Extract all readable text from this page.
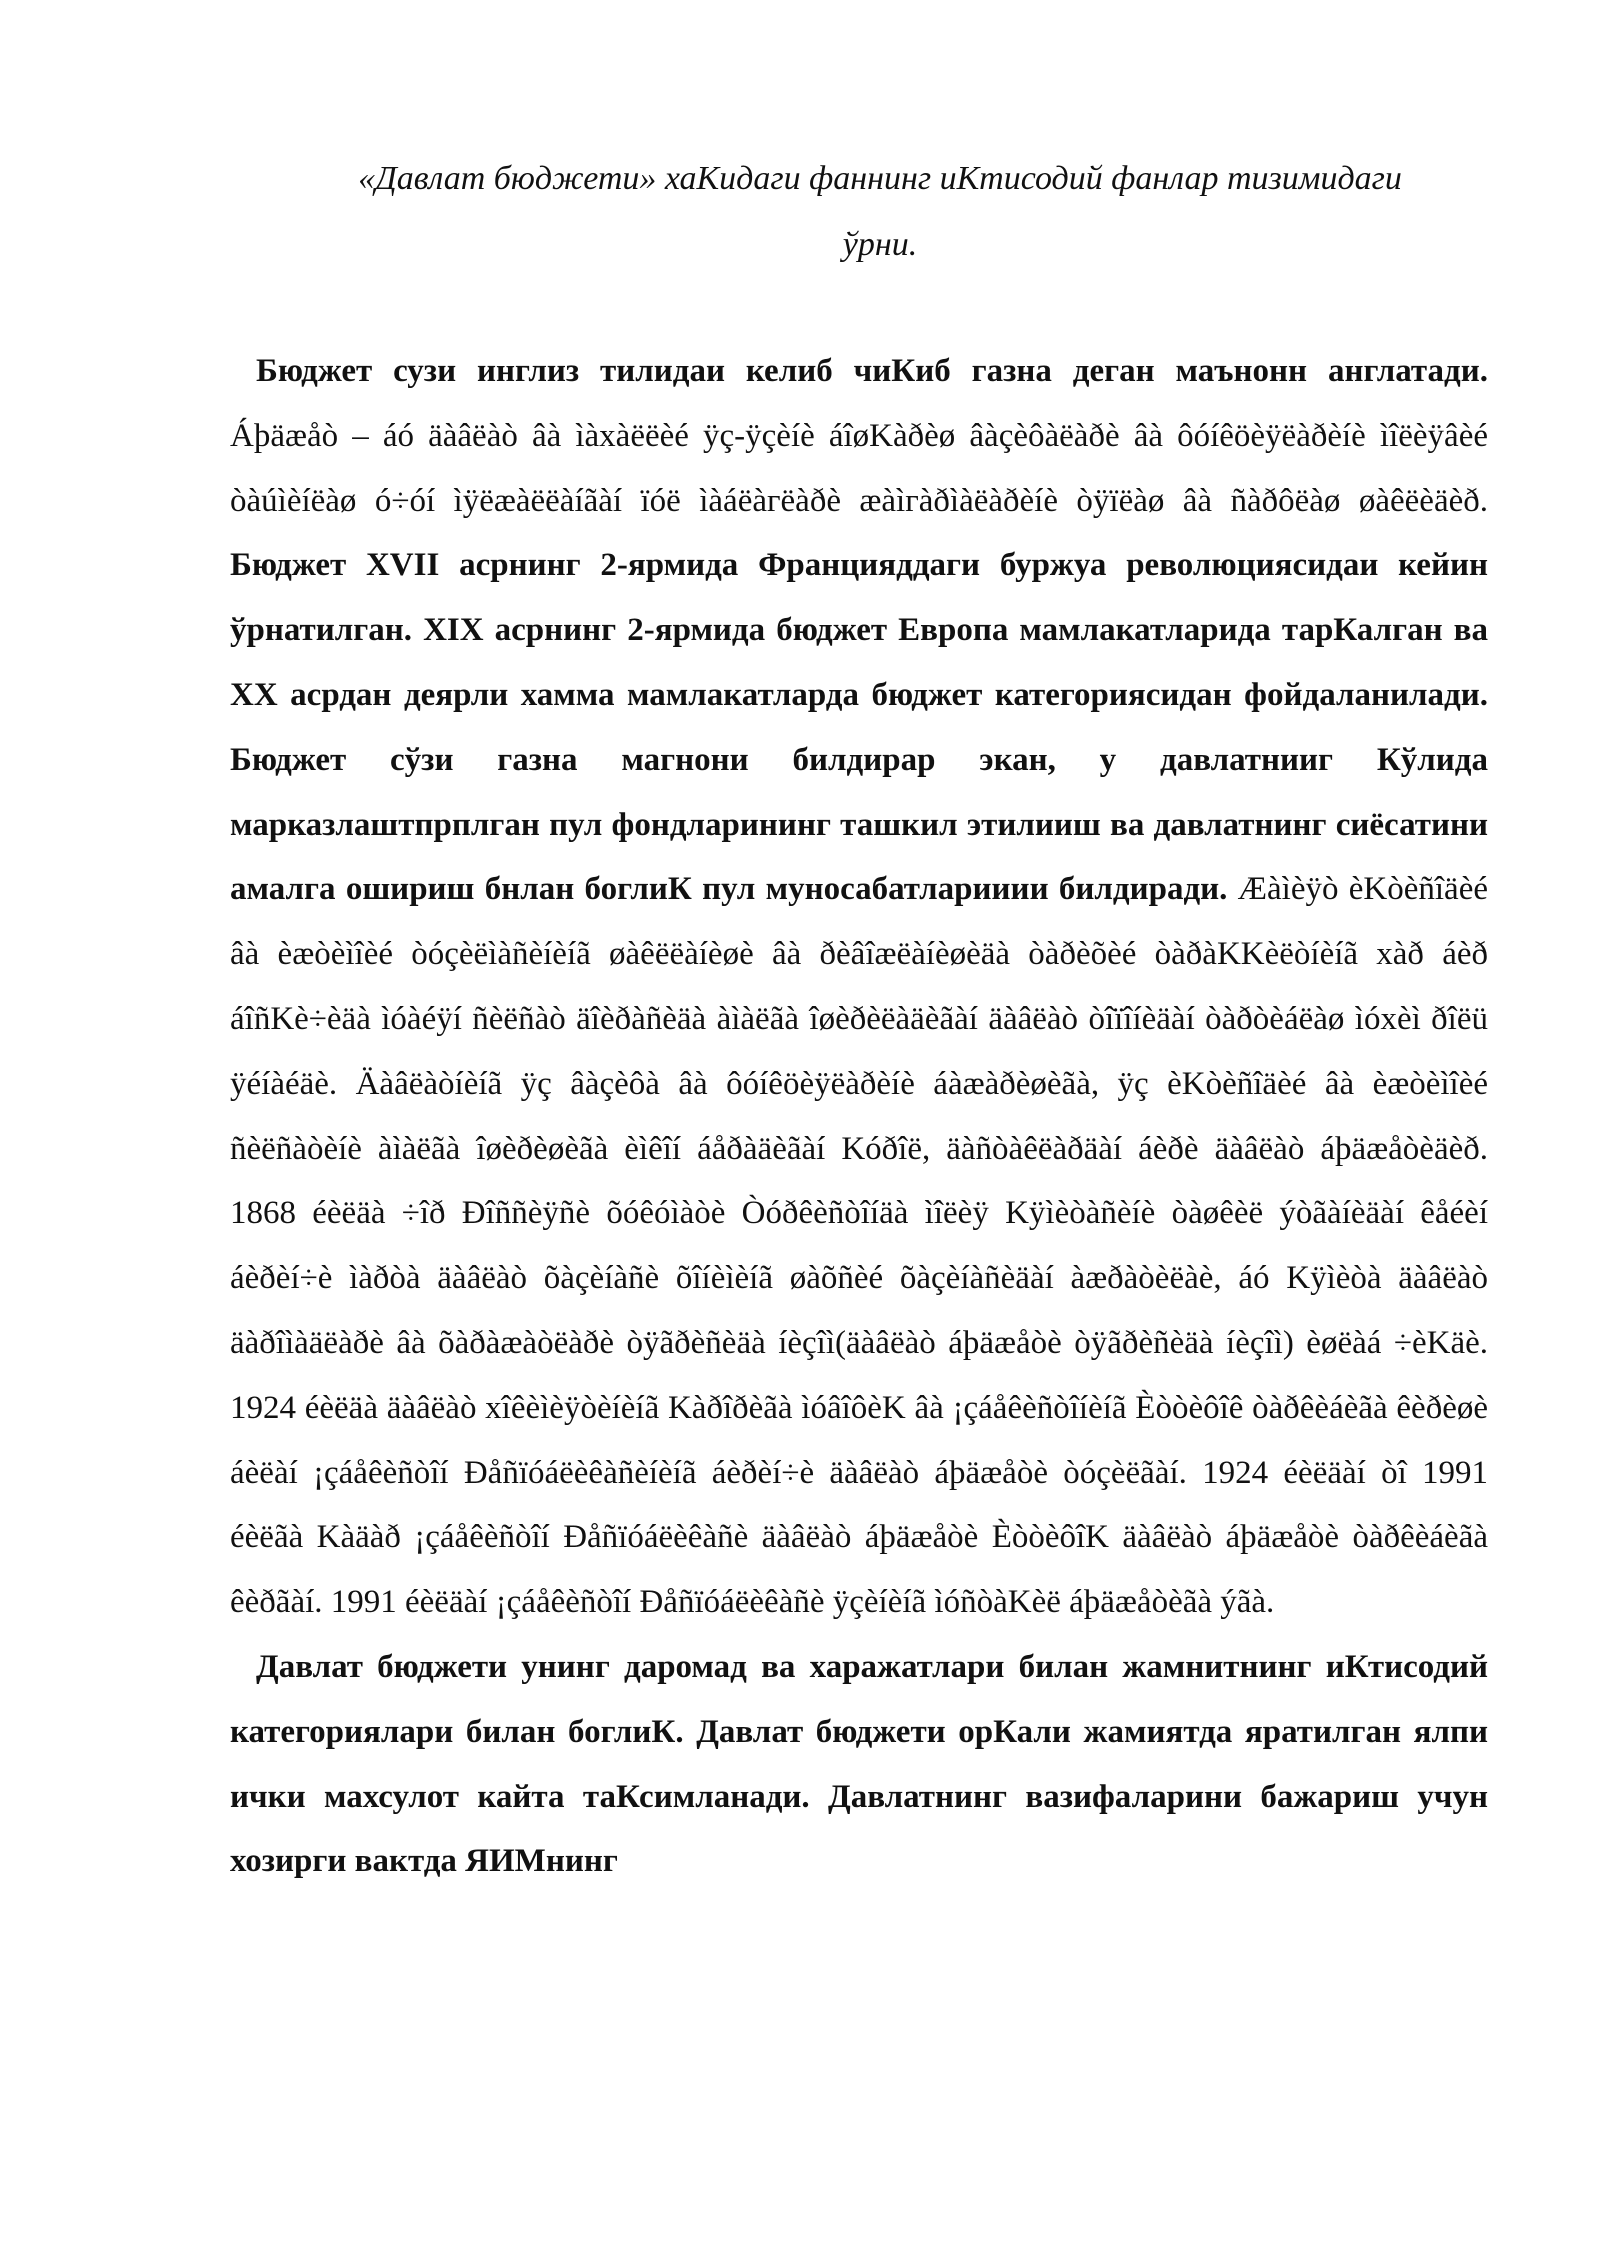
«Давлат бюджети» хаКидаги фаннинг иКтисодий фанлар тизимидаги
ўрни.

Бюджет сузи инглиз тилидаи келиб чиКиб газна деган маънонн англатади. Áþäæåò – áó äàâëàò âà ìàxàëëèé ÿç-ÿçèíè áîøKàðèø âàçèôàëàðè âà ôóíêöèÿëàðèíè ìîëèÿâèé òàúìèíëàø ó÷óí ìÿëæàëëàíãàí ïóë ìàáëàгëàðè æàìгàðìàëàðèíè òÿïëàø âà ñàðôëàø øàêëèäèð. Бюджет XVII асрнинг 2-ярмида Францияддаги буржуа революциясидаи кейин ўрнатилган. XIX асрнинг 2-ярмида бюджет Европа мамлакатларида тарКалган ва XX асрдан деярли хамма мамлакатларда бюджет категориясидан фойдаланилади. Бюджет сўзи газна магнони билдирар экан, у давлатнииг Кўлида марказлаштпрплган пул фондларининг ташкил этилииш ва давлатнинг сиёсатини амалга ошириш бнлан боглиК пул муносабатларииии билдиради. Æàìèÿò èKòèñîäèé âà èæòèìîèé òóçèëìàñèíèíã øàêëëàíèøè âà ðèâîæëàíèøèäà òàðèõèé òàðàKKèëòíèíã xàð áèð áîñKè÷èäà ìóàéÿí ñèëñàò äîèðàñèäà àìàëãà îøèðèëàäèãàí äàâëàò òîïîíèäàí òàðòèáëàø ìóxèì ðîëü ÿéíàéäè. Äàâëàòíèíã ÿç âàçèôà âà ôóíêöèÿëàðèíè áàæàðèøèãà, ÿç èKòèñîäèé âà èæòèìîèé ñèëñàòèíè àìàëãà îøèðèøèãà èìêîí áåðàäèãàí Kóðîë, äàñòàêëàðäàí áèðè äàâëàò áþäæåòèäèð. 1868 éèëäà ÷îð Ðîññèÿñè õóêóìàòè Òóðêèñòîíäà ìîëèÿ Kÿìèòàñèíè òàøêèë ýòãàíèäàí êåéèí áèðèí÷è ìàðòà äàâëàò õàçèíàñè õîíèìèíã øàõñèé õàçèíàñèäàí àæðàòèëàè, áó Kÿìèòà äàâëàò äàðîìàäëàðè âà õàðàæàòëàðè òÿãðèñèäà íèçîì(äàâëàò áþäæåòè òÿãðèñèäà íèçîì) èøëàá ÷èKäè. 1924 éèëäà äàâëàò xîêèìèÿòèíèíã Kàðîðèãà ìóâîôèK âà ¡çáåêèñòîíèíã Èòòèôîê òàðêèáèãà êèðèøè áèëàí ¡çáåêèñòîí Ðåñïóáëèêàñèíèíã áèðèí÷è äàâëàò áþäæåòè òóçèëãàí. 1924 éèëäàí òî 1991 éèëãà Kàäàð ¡çáåêèñòîí Ðåñïóáëèêàñè äàâëàò áþäæåòè ÈòòèôîK äàâëàò áþäæåòè òàðêèáèãà êèðãàí. 1991 éèëäàí ¡çáåêèñòîí Ðåñïóáëèêàñè ÿçèíèíã ìóñòàKèë áþäæåòèãà ýãà.

Давлат бюджети унинг даромад ва харажатлари билан жамнитнинг иКтисодий категориялари билан боглиК. Давлат бюджети орКали жамиятда яратилган ялпи ички махсулот кайта таКсимланади. Давлатнинг вазифаларини бажариш учун хозирги вактда ЯИМнинг
